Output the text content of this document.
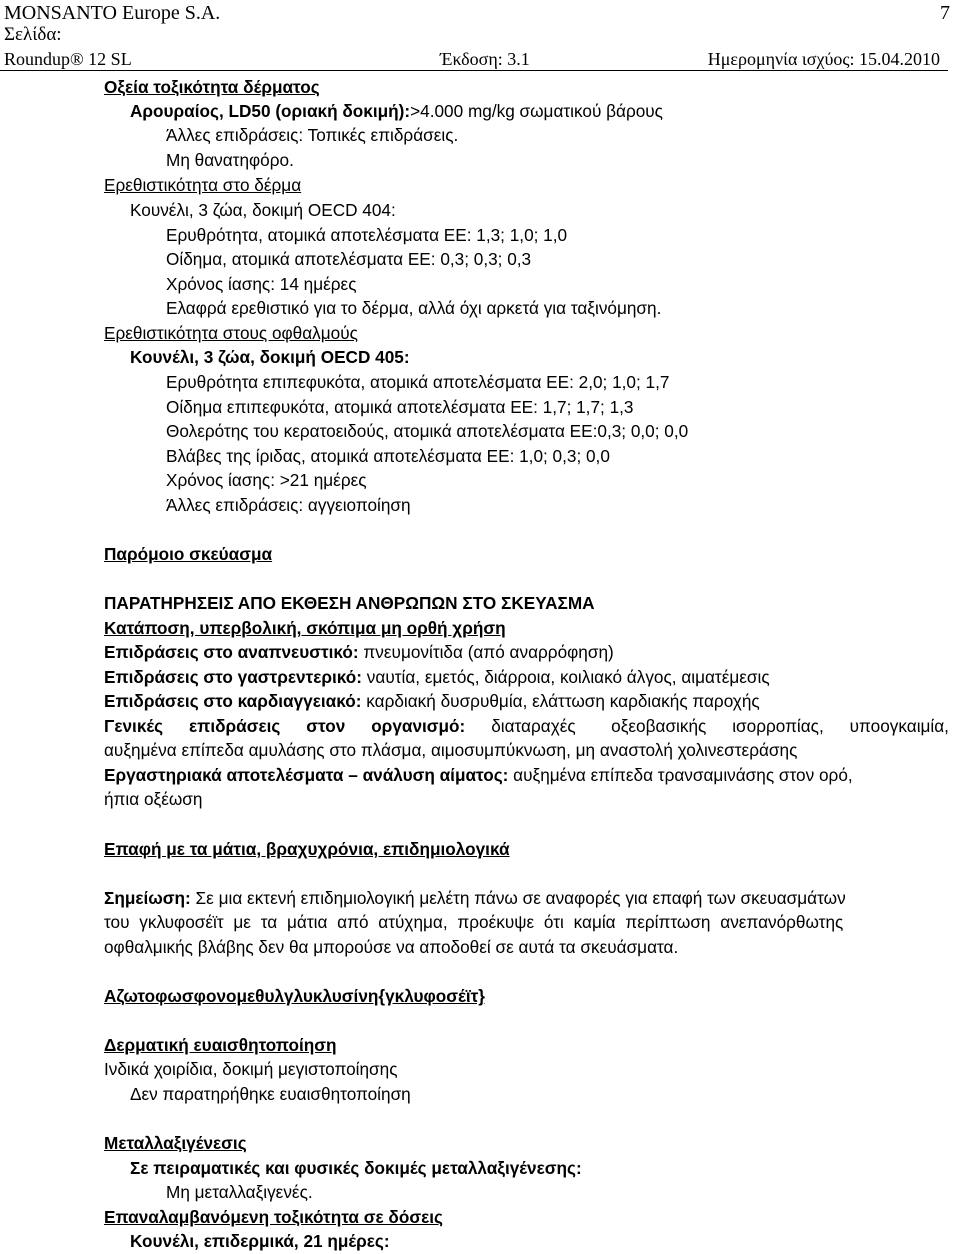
MONSANTO Europe S.A.	7
Σελίδα:
Roundup® 12 SL	Έκδοση: 3.1	Ημερομηνία ισχύος: 15.04.2010
Οξεία τοξικότητα δέρματος
Αρουραίος, LD50 (οριακή δοκιμή):>4.000 mg/kg σωματικού βάρους
Άλλες επιδράσεις: Τοπικές επιδράσεις.
Μη θανατηφόρο.
Ερεθιστικότητα στο δέρμα
Κουνέλι, 3 ζώα, δοκιμή OECD 404:
Ερυθρότητα, ατομικά αποτελέσματα ΕΕ: 1,3; 1,0; 1,0
Οίδημα, ατομικά αποτελέσματα ΕΕ: 0,3; 0,3; 0,3
Χρόνος ίασης: 14 ημέρες
Ελαφρά ερεθιστικό για το δέρμα, αλλά όχι αρκετά για ταξινόμηση.
Ερεθιστικότητα στους οφθαλμούς
Κουνέλι, 3 ζώα, δοκιμή OECD 405:
Ερυθρότητα επιπεφυκότα, ατομικά αποτελέσματα ΕΕ: 2,0; 1,0; 1,7
Οίδημα επιπεφυκότα, ατομικά αποτελέσματα ΕΕ: 1,7; 1,7; 1,3
Θολερότης του κερατοειδούς, ατομικά αποτελέσματα ΕΕ:0,3; 0,0; 0,0
Βλάβες της ίριδας, ατομικά αποτελέσματα ΕΕ: 1,0; 0,3; 0,0
Χρόνος ίασης: >21 ημέρες
Άλλες επιδράσεις: αγγειοποίηση
Παρόμοιο σκεύασμα
ΠΑΡΑΤΗΡΗΣΕΙΣ ΑΠΟ ΕΚΘΕΣΗ ΑΝΘΡΩΠΩΝ ΣΤΟ ΣΚΕΥΑΣΜΑ
Κατάποση, υπερβολική, σκόπιμα μη ορθή χρήση
Επιδράσεις στο αναπνευστικό: πνευμονίτιδα (από αναρρόφηση)
Επιδράσεις στο γαστρεντερικό: ναυτία, εμετός, διάρροια, κοιλιακό άλγος, αιματέμεσις
Επιδράσεις στο καρδιαγγειακό: καρδιακή δυσρυθμία, ελάττωση καρδιακής παροχής
Γενικές επιδράσεις στον οργανισμό: διαταραχές οξεοβασικής ισορροπίας, υποογκαιμία,
αυξημένα επίπεδα αμυλάσης στο πλάσμα, αιμοσυμπύκνωση, μη αναστολή χολινεστεράσης
Εργαστηριακά αποτελέσματα – ανάλυση αίματος: αυξημένα επίπεδα τρανσαμινάσης στον ορό,
ήπια οξέωση
Επαφή με τα μάτια, βραχυχρόνια, επιδημιολογικά
Σημείωση: Σε μια εκτενή επιδημιολογική μελέτη πάνω σε αναφορές για επαφή των σκευασμάτων
του γκλυφοσέϊτ με τα μάτια από ατύχημα, προέκυψε ότι καμία περίπτωση ανεπανόρθωτης
οφθαλμικής βλάβης δεν θα μπορούσε να αποδοθεί σε αυτά τα σκευάσματα.
Αζωτοφωσφονομεθυλγλυκλυσίνη{γκλυφοσέϊτ}
Δερματική ευαισθητοποίηση
Ινδικά χοιρίδια, δοκιμή μεγιστοποίησης
Δεν παρατηρήθηκε ευαισθητοποίηση
Μεταλλαξιγένεσις
Σε πειραματικές και φυσικές δοκιμές μεταλλαξιγένεσης:
Μη μεταλλαξιγενές.
Επαναλαμβανόμενη τοξικότητα σε δόσεις
Κουνέλι, επιδερμικά, 21 ημέρες:
